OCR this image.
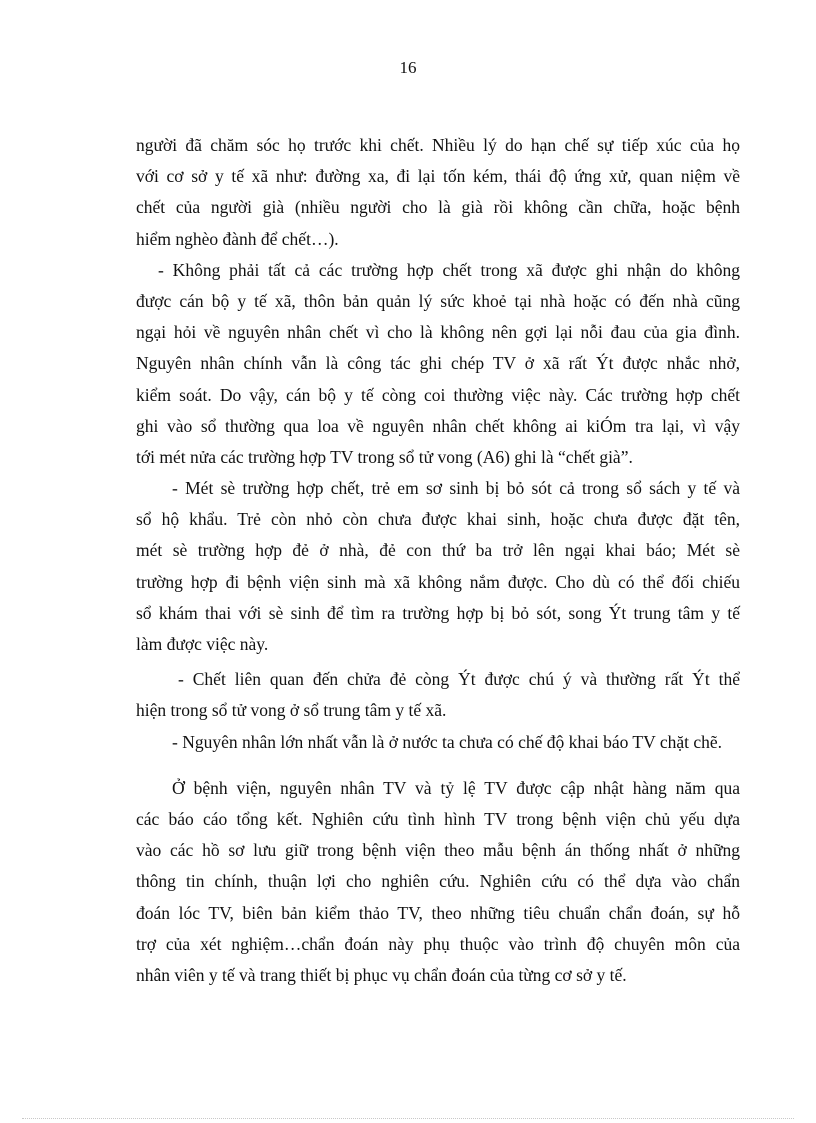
16
người đã chăm sóc họ trước khi chết. Nhiều lý do hạn chế sự tiếp xúc của họ
với cơ sở y tế xã như: đường xa, đi lại tốn kém, thái độ ứng xử, quan niệm về
chết của người già (nhiều người cho là già rồi không cần chữa, hoặc bệnh
hiểm nghèo đành để chết…).
- Không phải tất cả các trường hợp chết trong xã được ghi nhận do không
được cán bộ y tế xã, thôn bản quản lý sức khoẻ tại nhà hoặc có đến nhà cũng
ngại hỏi về nguyên nhân chết vì cho là không nên gợi lại nỗi đau của gia đình.
Nguyên nhân chính vẫn là công tác ghi chép TV ở xã rất Ýt được nhắc nhở,
kiểm soát. Do vậy, cán bộ y tế còng coi thường việc này. Các trường hợp chết
ghi vào sổ thường qua loa về nguyên nhân chết không ai kiÓm tra lại, vì vậy
tới mét nửa các trường hợp TV trong sổ tử vong (A6) ghi là “chết già”.
- Mét sè trường hợp chết, trẻ em sơ sinh bị bỏ sót cả trong sổ sách y tế và
sổ hộ khẩu. Trẻ còn nhỏ còn chưa được khai sinh, hoặc chưa được đặt tên,
mét sè trường hợp đẻ ở nhà, đẻ con thứ ba trở lên ngại khai báo; Mét sè
trường hợp đi bệnh viện sinh mà xã không nắm được. Cho dù có thể đối chiếu
sổ khám thai với sè sinh để tìm ra trường hợp bị bỏ sót, song Ýt trung tâm y tế
làm được việc này.
- Chết liên quan đến chửa đẻ còng Ýt được chú ý và thường rất Ýt thể
hiện trong sổ tử vong ở sổ trung tâm y tế xã.
- Nguyên nhân lớn nhất vẫn là ở nước ta chưa có chế độ khai báo TV chặt chẽ.
Ở bệnh viện, nguyên nhân TV và tỷ lệ TV được cập nhật hàng năm qua
các báo cáo tổng kết. Nghiên cứu tình hình TV trong bệnh viện chủ yếu dựa
vào các hồ sơ lưu giữ trong bệnh viện theo mẫu bệnh án thống nhất ở những
thông tin chính, thuận lợi cho nghiên cứu. Nghiên cứu có thể dựa vào chẩn
đoán lóc TV, biên bản kiểm thảo TV, theo những tiêu chuẩn chẩn đoán, sự hỗ
trợ của xét nghiệm…chẩn đoán này phụ thuộc vào trình độ chuyên môn của
nhân viên y tế và trang thiết bị phục vụ chẩn đoán của từng cơ sở y tế.
